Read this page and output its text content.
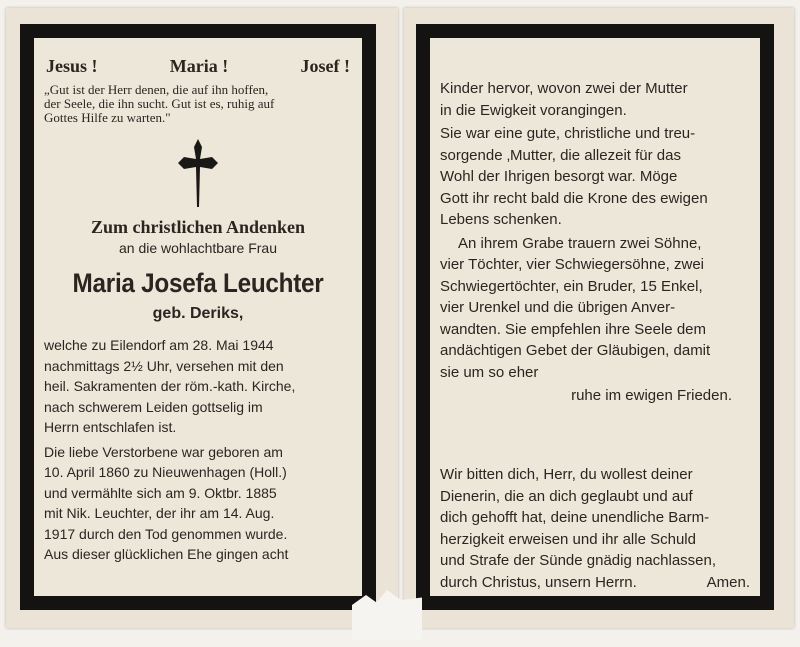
Jesus !	Maria !	Josef !
„Gut ist der Herr denen, die auf ihn hoffen,
der Seele, die ihn sucht. Gut ist es, ruhig auf
Gottes Hilfe zu warten."
Zum christlichen Andenken
an die wohlachtbare Frau
Maria Josefa Leuchter
geb. Deriks,
welche zu Eilendorf am 28. Mai 1944
nachmittags 2½ Uhr, versehen mit den
heil. Sakramenten der röm.-kath. Kirche,
nach schwerem Leiden gottselig im
Herrn entschlafen ist.
Die liebe Verstorbene war geboren am
10. April 1860 zu Nieuwenhagen (Holl.)
und vermählte sich am 9. Oktbr. 1885
mit Nik. Leuchter, der ihr am 14. Aug.
1917 durch den Tod genommen wurde.
Aus dieser glücklichen Ehe gingen acht
Kinder hervor, wovon zwei der Mutter
in die Ewigkeit vorangingen.
Sie war eine gute, christliche und treu-
sorgende ‚Mutter, die allezeit für das
Wohl der Ihrigen besorgt war. Möge
Gott ihr recht bald die Krone des ewigen
Lebens schenken.
An ihrem Grabe trauern zwei Söhne,
vier Töchter, vier Schwiegersöhne, zwei
Schwiegertöchter, ein Bruder, 15 Enkel,
vier Urenkel und die übrigen Anver-
wandten. Sie empfehlen ihre Seele dem
andächtigen Gebet der Gläubigen, damit
sie um so eher
ruhe im ewigen Frieden.
Wir bitten dich, Herr, du wollest deiner
Dienerin, die an dich geglaubt und auf
dich gehofft hat, deine unendliche Barm-
herzigkeit erweisen und ihr alle Schuld
und Strafe der Sünde gnädig nachlassen,
durch Christus, unsern Herrn.	Amen.
